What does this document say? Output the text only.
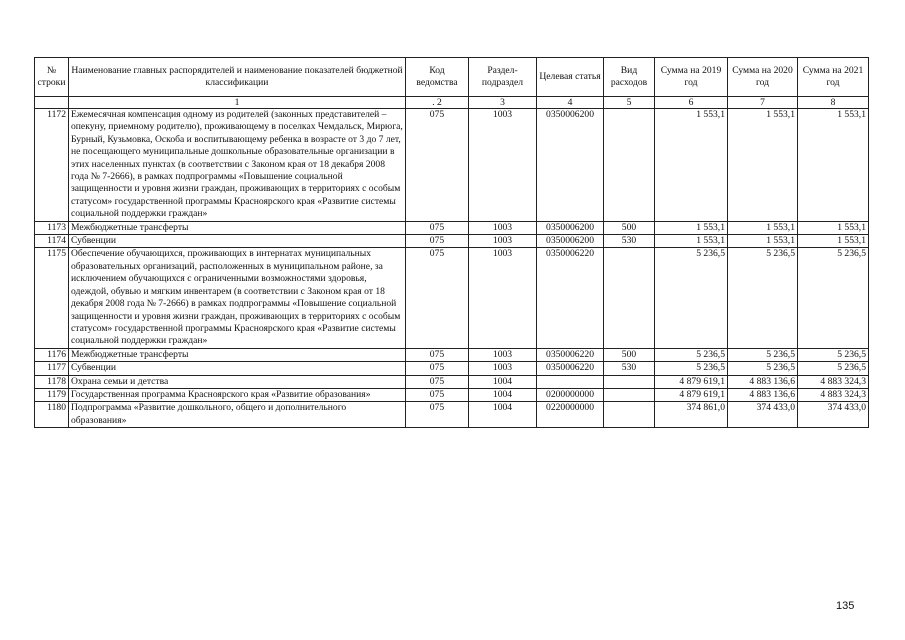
№ строки	Наименование главных распорядителей и наименование показателей бюджетной классификации	Код ведомства	Раздел-подраздел	Целевая статья	Вид расходов	Сумма на 2019 год	Сумма на 2020 год	Сумма на 2021 год
	1	. 2	3	4	5	6	7	8
1172	Ежемесячная компенсация одному из родителей (законных представителей – опекуну, приемному родителю), проживающему в поселках Чемдальск, Мирюга, Бурный, Кузьмовка, Оскоба и воспитывающему ребенка в возрасте от 3 до 7 лет, не посещающего муниципальные дошкольные образовательные организации в этих населенных пунктах (в соответствии с Законом края от 18 декабря 2008 года № 7-2666), в рамках подпрограммы «Повышение социальной защищенности и уровня жизни граждан, проживающих в территориях с особым статусом» государственной программы Красноярского края «Развитие системы социальной поддержки граждан»	075	1003	0350006200		1 553,1	1 553,1	1 553,1
1173	Межбюджетные трансферты	075	1003	0350006200	500	1 553,1	1 553,1	1 553,1
1174	Субвенции	075	1003	0350006200	530	1 553,1	1 553,1	1 553,1
1175	Обеспечение обучающихся, проживающих в интернатах муниципальных образовательных организаций, расположенных в муниципальном районе, за исключением обучающихся с ограниченными возможностями здоровья, одеждой, обувью и мягким инвентарем (в соответствии с Законом края от 18 декабря 2008 года № 7-2666) в рамках подпрограммы «Повышение социальной защищенности и уровня жизни граждан, проживающих в территориях с особым статусом» государственной программы Красноярского края «Развитие системы социальной поддержки граждан»	075	1003	0350006220		5 236,5	5 236,5	5 236,5
1176	Межбюджетные трансферты	075	1003	0350006220	500	5 236,5	5 236,5	5 236,5
1177	Субвенции	075	1003	0350006220	530	5 236,5	5 236,5	5 236,5
1178	Охрана семьи и детства	075	1004			4 879 619,1	4 883 136,6	4 883 324,3
1179	Государственная программа Красноярского края «Развитие образования»	075	1004	0200000000		4 879 619,1	4 883 136,6	4 883 324,3
1180	Подпрограмма «Развитие дошкольного, общего и дополнительного образования»	075	1004	0220000000		374 861,0	374 433,0	374 433,0
135
